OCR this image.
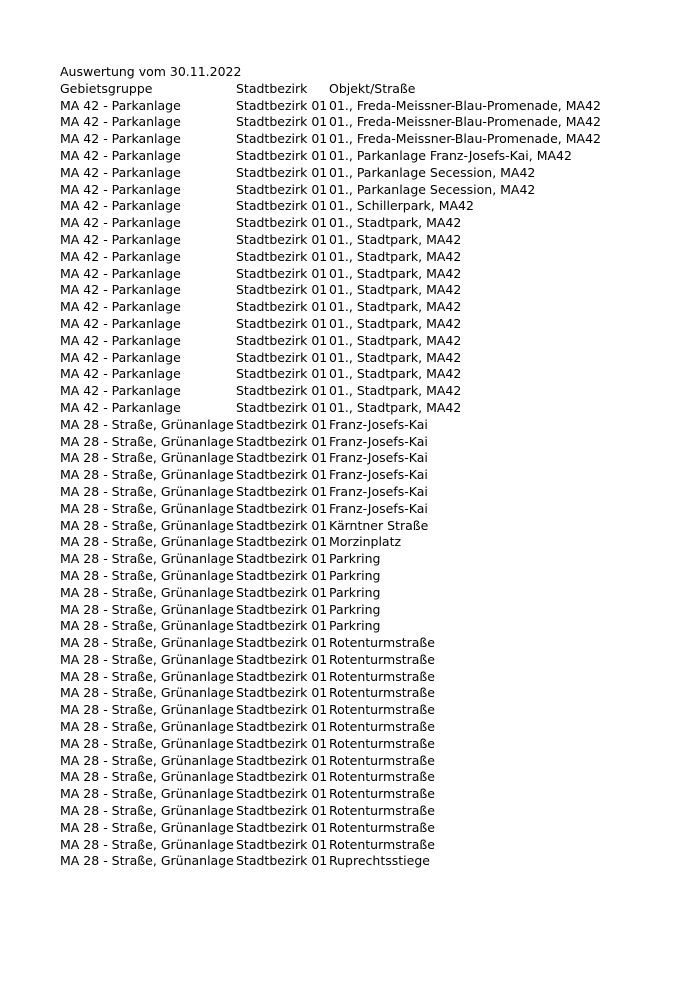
Auswertung vom 30.11.2022
Gebietsgruppe	Stadtbezirk	Objekt/Straße
MA 42 - Parkanlage	Stadtbezirk 01	01., Freda-Meissner-Blau-Promenade, MA42
MA 42 - Parkanlage	Stadtbezirk 01	01., Freda-Meissner-Blau-Promenade, MA42
MA 42 - Parkanlage	Stadtbezirk 01	01., Freda-Meissner-Blau-Promenade, MA42
MA 42 - Parkanlage	Stadtbezirk 01	01., Parkanlage Franz-Josefs-Kai, MA42
MA 42 - Parkanlage	Stadtbezirk 01	01., Parkanlage Secession, MA42
MA 42 - Parkanlage	Stadtbezirk 01	01., Parkanlage Secession, MA42
MA 42 - Parkanlage	Stadtbezirk 01	01., Schillerpark, MA42
MA 42 - Parkanlage	Stadtbezirk 01	01., Stadtpark, MA42
MA 42 - Parkanlage	Stadtbezirk 01	01., Stadtpark, MA42
MA 42 - Parkanlage	Stadtbezirk 01	01., Stadtpark, MA42
MA 42 - Parkanlage	Stadtbezirk 01	01., Stadtpark, MA42
MA 42 - Parkanlage	Stadtbezirk 01	01., Stadtpark, MA42
MA 42 - Parkanlage	Stadtbezirk 01	01., Stadtpark, MA42
MA 42 - Parkanlage	Stadtbezirk 01	01., Stadtpark, MA42
MA 42 - Parkanlage	Stadtbezirk 01	01., Stadtpark, MA42
MA 42 - Parkanlage	Stadtbezirk 01	01., Stadtpark, MA42
MA 42 - Parkanlage	Stadtbezirk 01	01., Stadtpark, MA42
MA 42 - Parkanlage	Stadtbezirk 01	01., Stadtpark, MA42
MA 42 - Parkanlage	Stadtbezirk 01	01., Stadtpark, MA42
MA 28 - Straße, Grünanlage	Stadtbezirk 01	Franz-Josefs-Kai
MA 28 - Straße, Grünanlage	Stadtbezirk 01	Franz-Josefs-Kai
MA 28 - Straße, Grünanlage	Stadtbezirk 01	Franz-Josefs-Kai
MA 28 - Straße, Grünanlage	Stadtbezirk 01	Franz-Josefs-Kai
MA 28 - Straße, Grünanlage	Stadtbezirk 01	Franz-Josefs-Kai
MA 28 - Straße, Grünanlage	Stadtbezirk 01	Franz-Josefs-Kai
MA 28 - Straße, Grünanlage	Stadtbezirk 01	Kärntner Straße
MA 28 - Straße, Grünanlage	Stadtbezirk 01	Morzinplatz
MA 28 - Straße, Grünanlage	Stadtbezirk 01	Parkring
MA 28 - Straße, Grünanlage	Stadtbezirk 01	Parkring
MA 28 - Straße, Grünanlage	Stadtbezirk 01	Parkring
MA 28 - Straße, Grünanlage	Stadtbezirk 01	Parkring
MA 28 - Straße, Grünanlage	Stadtbezirk 01	Parkring
MA 28 - Straße, Grünanlage	Stadtbezirk 01	Rotenturmstraße
MA 28 - Straße, Grünanlage	Stadtbezirk 01	Rotenturmstraße
MA 28 - Straße, Grünanlage	Stadtbezirk 01	Rotenturmstraße
MA 28 - Straße, Grünanlage	Stadtbezirk 01	Rotenturmstraße
MA 28 - Straße, Grünanlage	Stadtbezirk 01	Rotenturmstraße
MA 28 - Straße, Grünanlage	Stadtbezirk 01	Rotenturmstraße
MA 28 - Straße, Grünanlage	Stadtbezirk 01	Rotenturmstraße
MA 28 - Straße, Grünanlage	Stadtbezirk 01	Rotenturmstraße
MA 28 - Straße, Grünanlage	Stadtbezirk 01	Rotenturmstraße
MA 28 - Straße, Grünanlage	Stadtbezirk 01	Rotenturmstraße
MA 28 - Straße, Grünanlage	Stadtbezirk 01	Rotenturmstraße
MA 28 - Straße, Grünanlage	Stadtbezirk 01	Rotenturmstraße
MA 28 - Straße, Grünanlage	Stadtbezirk 01	Rotenturmstraße
MA 28 - Straße, Grünanlage	Stadtbezirk 01	Ruprechtsstiege
